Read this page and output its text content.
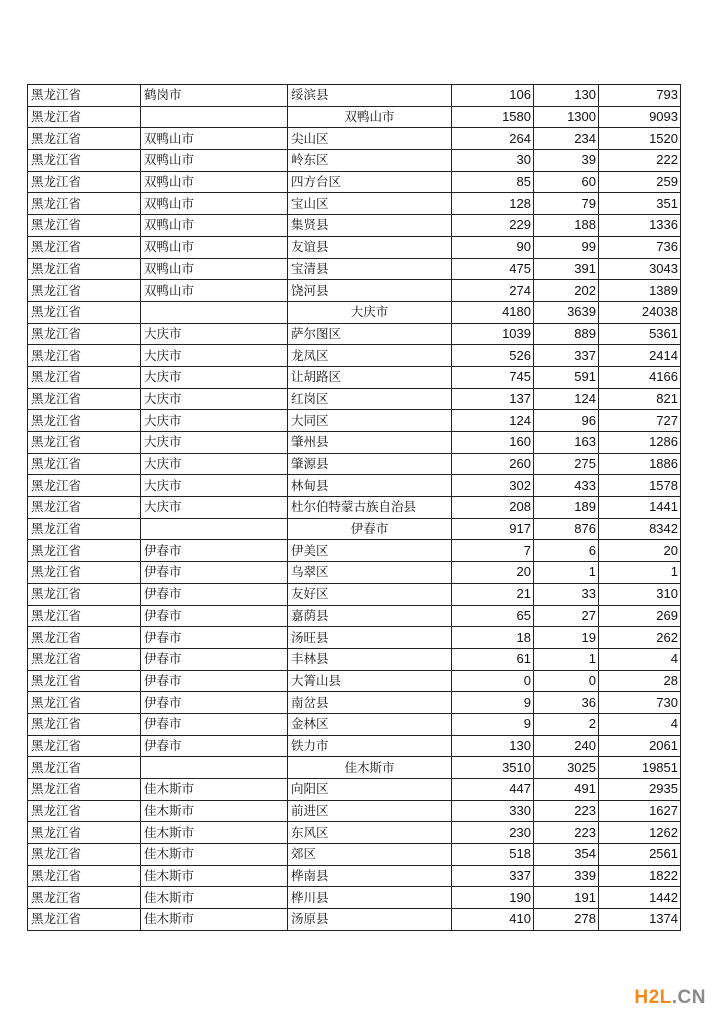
黑龙江省	鹤岗市	绥滨县	106	130	793
黑龙江省		双鸭山市	1580	1300	9093
黑龙江省	双鸭山市	尖山区	264	234	1520
黑龙江省	双鸭山市	岭东区	30	39	222
黑龙江省	双鸭山市	四方台区	85	60	259
黑龙江省	双鸭山市	宝山区	128	79	351
黑龙江省	双鸭山市	集贤县	229	188	1336
黑龙江省	双鸭山市	友谊县	90	99	736
黑龙江省	双鸭山市	宝清县	475	391	3043
黑龙江省	双鸭山市	饶河县	274	202	1389
黑龙江省		大庆市	4180	3639	24038
黑龙江省	大庆市	萨尔图区	1039	889	5361
黑龙江省	大庆市	龙凤区	526	337	2414
黑龙江省	大庆市	让胡路区	745	591	4166
黑龙江省	大庆市	红岗区	137	124	821
黑龙江省	大庆市	大同区	124	96	727
黑龙江省	大庆市	肇州县	160	163	1286
黑龙江省	大庆市	肇源县	260	275	1886
黑龙江省	大庆市	林甸县	302	433	1578
黑龙江省	大庆市	杜尔伯特蒙古族自治县	208	189	1441
黑龙江省		伊春市	917	876	8342
黑龙江省	伊春市	伊美区	7	6	20
黑龙江省	伊春市	乌翠区	20	1	1
黑龙江省	伊春市	友好区	21	33	310
黑龙江省	伊春市	嘉荫县	65	27	269
黑龙江省	伊春市	汤旺县	18	19	262
黑龙江省	伊春市	丰林县	61	1	4
黑龙江省	伊春市	大箐山县	0	0	28
黑龙江省	伊春市	南岔县	9	36	730
黑龙江省	伊春市	金林区	9	2	4
黑龙江省	伊春市	铁力市	130	240	2061
黑龙江省		佳木斯市	3510	3025	19851
黑龙江省	佳木斯市	向阳区	447	491	2935
黑龙江省	佳木斯市	前进区	330	223	1627
黑龙江省	佳木斯市	东风区	230	223	1262
黑龙江省	佳木斯市	郊区	518	354	2561
黑龙江省	佳木斯市	桦南县	337	339	1822
黑龙江省	佳木斯市	桦川县	190	191	1442
黑龙江省	佳木斯市	汤原县	410	278	1374
H2L.CN
